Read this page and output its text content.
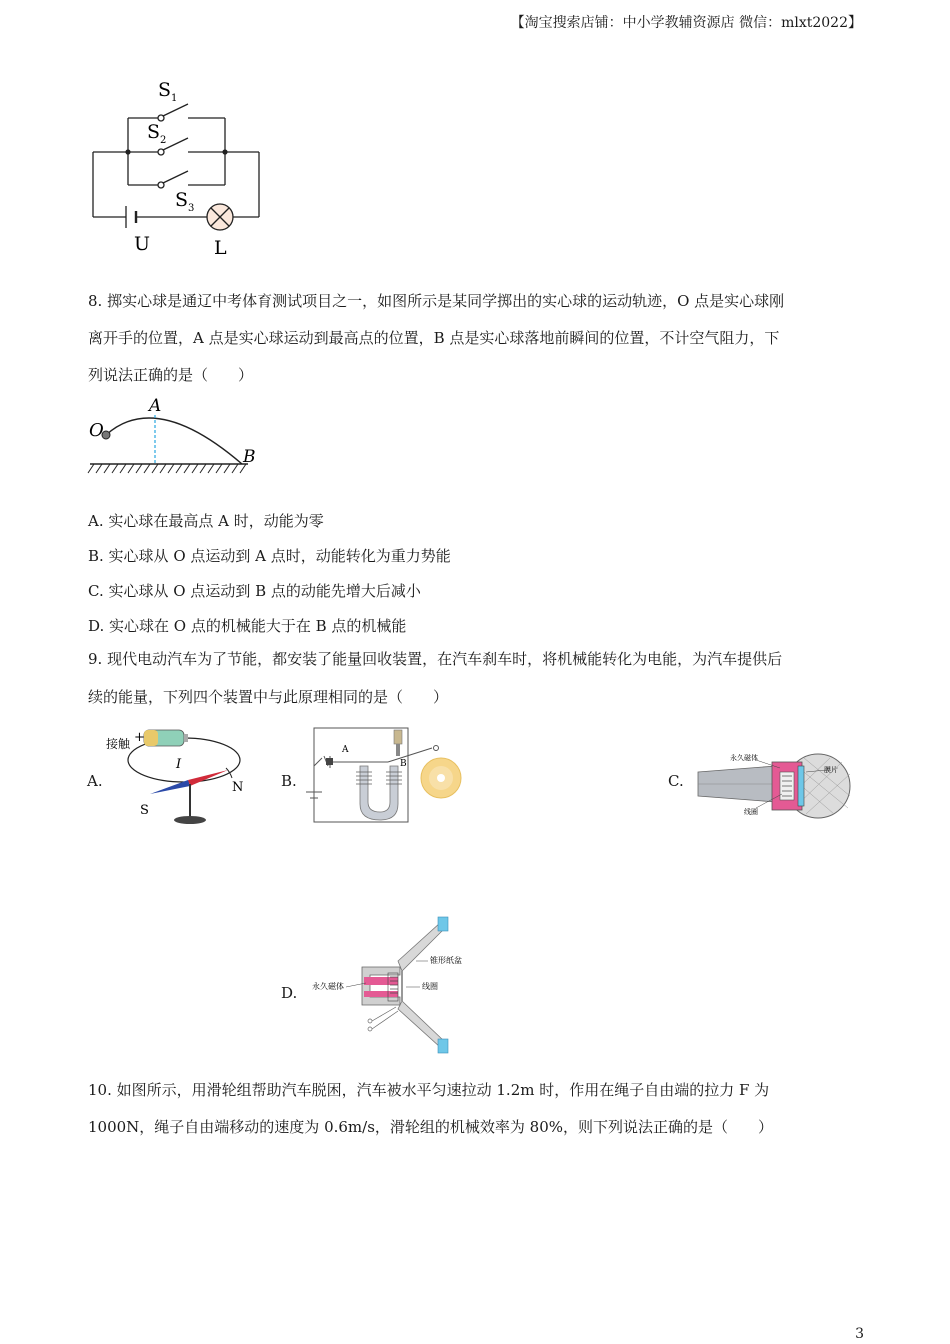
【淘宝搜索店铺：中小学教辅资源店 微信：mlxt2022】
$S_1$
$S_2$
$S_3$
U	L
8. 掷实心球是通辽中考体育测试项目之一，如图所示是某同学掷出的实心球的运动轨迹，O 点是实心球刚
离开手的位置，A 点是实心球运动到最高点的位置，B 点是实心球落地前瞬间的位置，不计空气阻力，下
列说法正确的是（　　）
O
A
B
A. 实心球在最高点 A 时，动能为零
B. 实心球从 O 点运动到 A 点时，动能转化为重力势能
C. 实心球从 O 点运动到 B 点的动能先增大后减小
D. 实心球在 O 点的机械能大于在 B 点的机械能
9. 现代电动汽车为了节能，都安装了能量回收装置，在汽车刹车时，将机械能转化为电能，为汽车提供后
续的能量，下列四个装置中与此原理相同的是（　　）
A.
接触 +
I
N
S
B.
A
B
C.
永久磁体
线圈
膜片
D. 永久磁体
锥形纸盆
线圈
10. 如图所示，用滑轮组帮助汽车脱困，汽车被水平匀速拉动 1.2m 时，作用在绳子自由端的拉力 F 为
1000N，绳子自由端移动的速度为 0.6m/s，滑轮组的机械效率为 80%，则下列说法正确的是（　　）
3
